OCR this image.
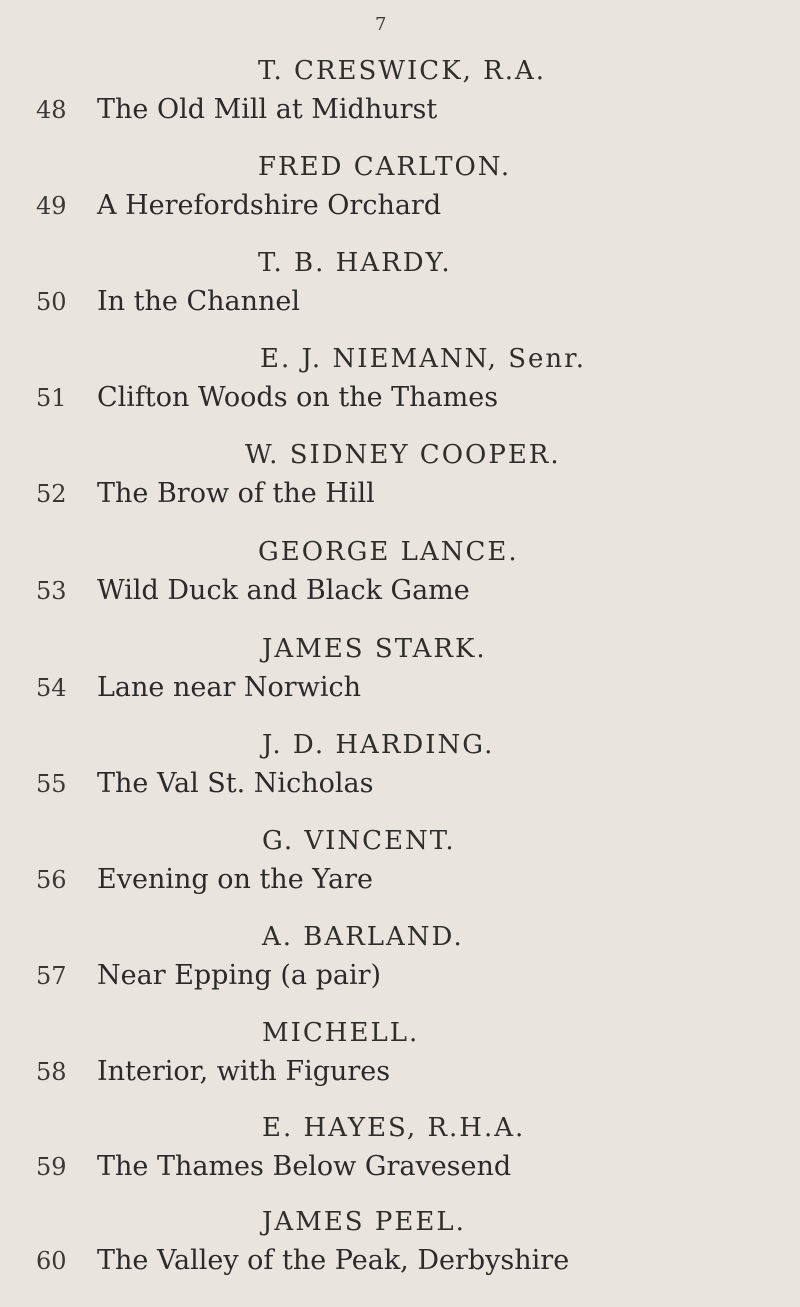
7
T. CRESWICK, R.A.
48 The Old Mill at Midhurst
FRED CARLTON.
49 A Herefordshire Orchard
T. B. HARDY.
50 In the Channel
E. J. NIEMANN, Senr.
51 Clifton Woods on the Thames
W. SIDNEY COOPER.
52 The Brow of the Hill
GEORGE LANCE.
53 Wild Duck and Black Game
JAMES STARK.
54 Lane near Norwich
J. D. HARDING.
55 The Val St. Nicholas
G. VINCENT.
56 Evening on the Yare
A. BARLAND.
57 Near Epping (a pair)
MICHELL.
58 Interior, with Figures
E. HAYES, R.H.A.
59 The Thames Below Gravesend
JAMES PEEL.
60 The Valley of the Peak, Derbyshire
